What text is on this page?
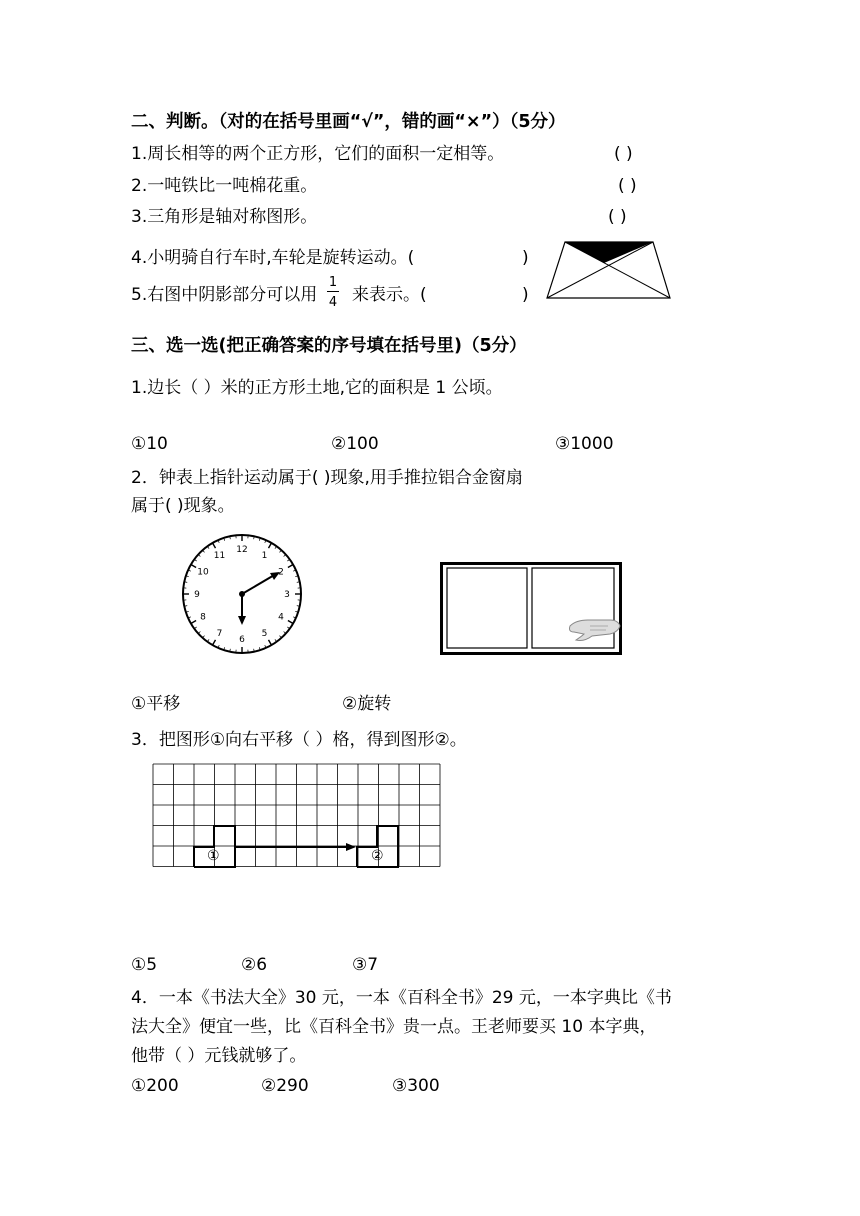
二、判断。（对的在括号里画“√”，错的画“×”）（5分）
1.周长相等的两个正方形，它们的面积一定相等。	( )
2.一吨铁比一吨棉花重。	( )
3.三角形是轴对称图形。	( )
4.小明骑自行车时,车轮是旋转运动。(	)
5.右图中阴影部分可以用
1
4 来表示。(	)
三、选一选(把正确答案的序号填在括号里)（5分）
1.边长（ ）米的正方形土地,它的面积是 1 公顷。
①10	②100	③1000
2．钟表上指针运动属于( )现象,用手推拉铝合金窗扇
属于( )现象。
12
1
2
3
4
5
6
7
8
9
10
11
①平移	②旋转
3．把图形①向右平移（ ）格，得到图形②。
①	②
①5	②6	③7
4．一本《书法大全》30 元，一本《百科全书》29 元，一本字典比《书
法大全》便宜一些，比《百科全书》贵一点。王老师要买 10 本字典，
他带（ ）元钱就够了。
①200	②290	③300
